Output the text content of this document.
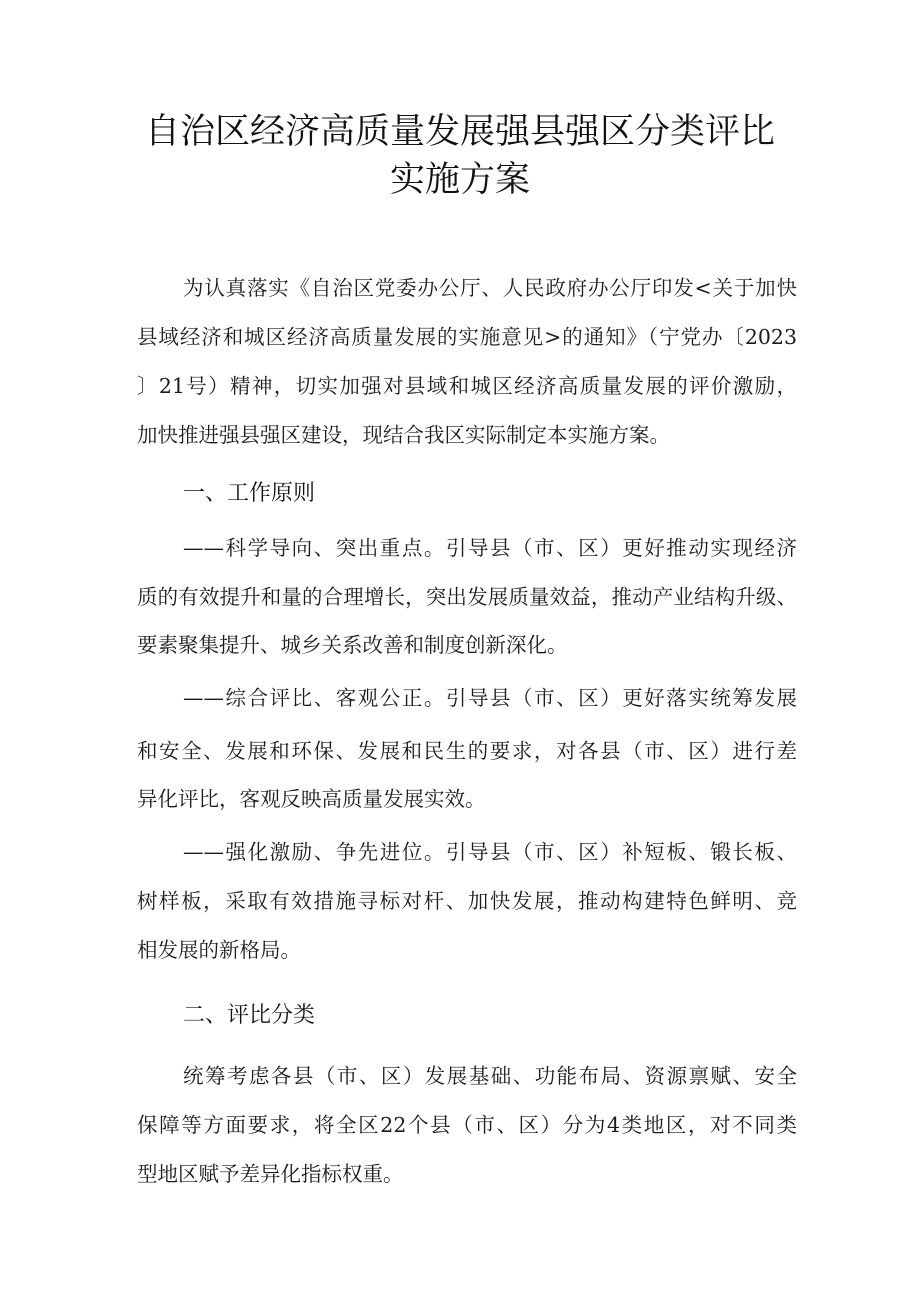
自治区经济高质量发展强县强区分类评比
实施方案
为认真落实《自治区党委办公厅、人民政府办公厅印发<关于加快
县域经济和城区经济高质量发展的实施意见>的通知》（宁党办〔2023
〕21号）精神，切实加强对县域和城区经济高质量发展的评价激励，
加快推进强县强区建设，现结合我区实际制定本实施方案。
一、工作原则
——科学导向、突出重点。引导县（市、区）更好推动实现经济
质的有效提升和量的合理增长，突出发展质量效益，推动产业结构升级、
要素聚集提升、城乡关系改善和制度创新深化。
——综合评比、客观公正。引导县（市、区）更好落实统筹发展
和安全、发展和环保、发展和民生的要求，对各县（市、区）进行差
异化评比，客观反映高质量发展实效。
——强化激励、争先进位。引导县（市、区）补短板、锻长板、
树样板，采取有效措施寻标对杆、加快发展，推动构建特色鲜明、竞
相发展的新格局。
二、评比分类
统筹考虑各县（市、区）发展基础、功能布局、资源禀赋、安全
保障等方面要求，将全区22个县（市、区）分为4类地区，对不同类
型地区赋予差异化指标权重。
